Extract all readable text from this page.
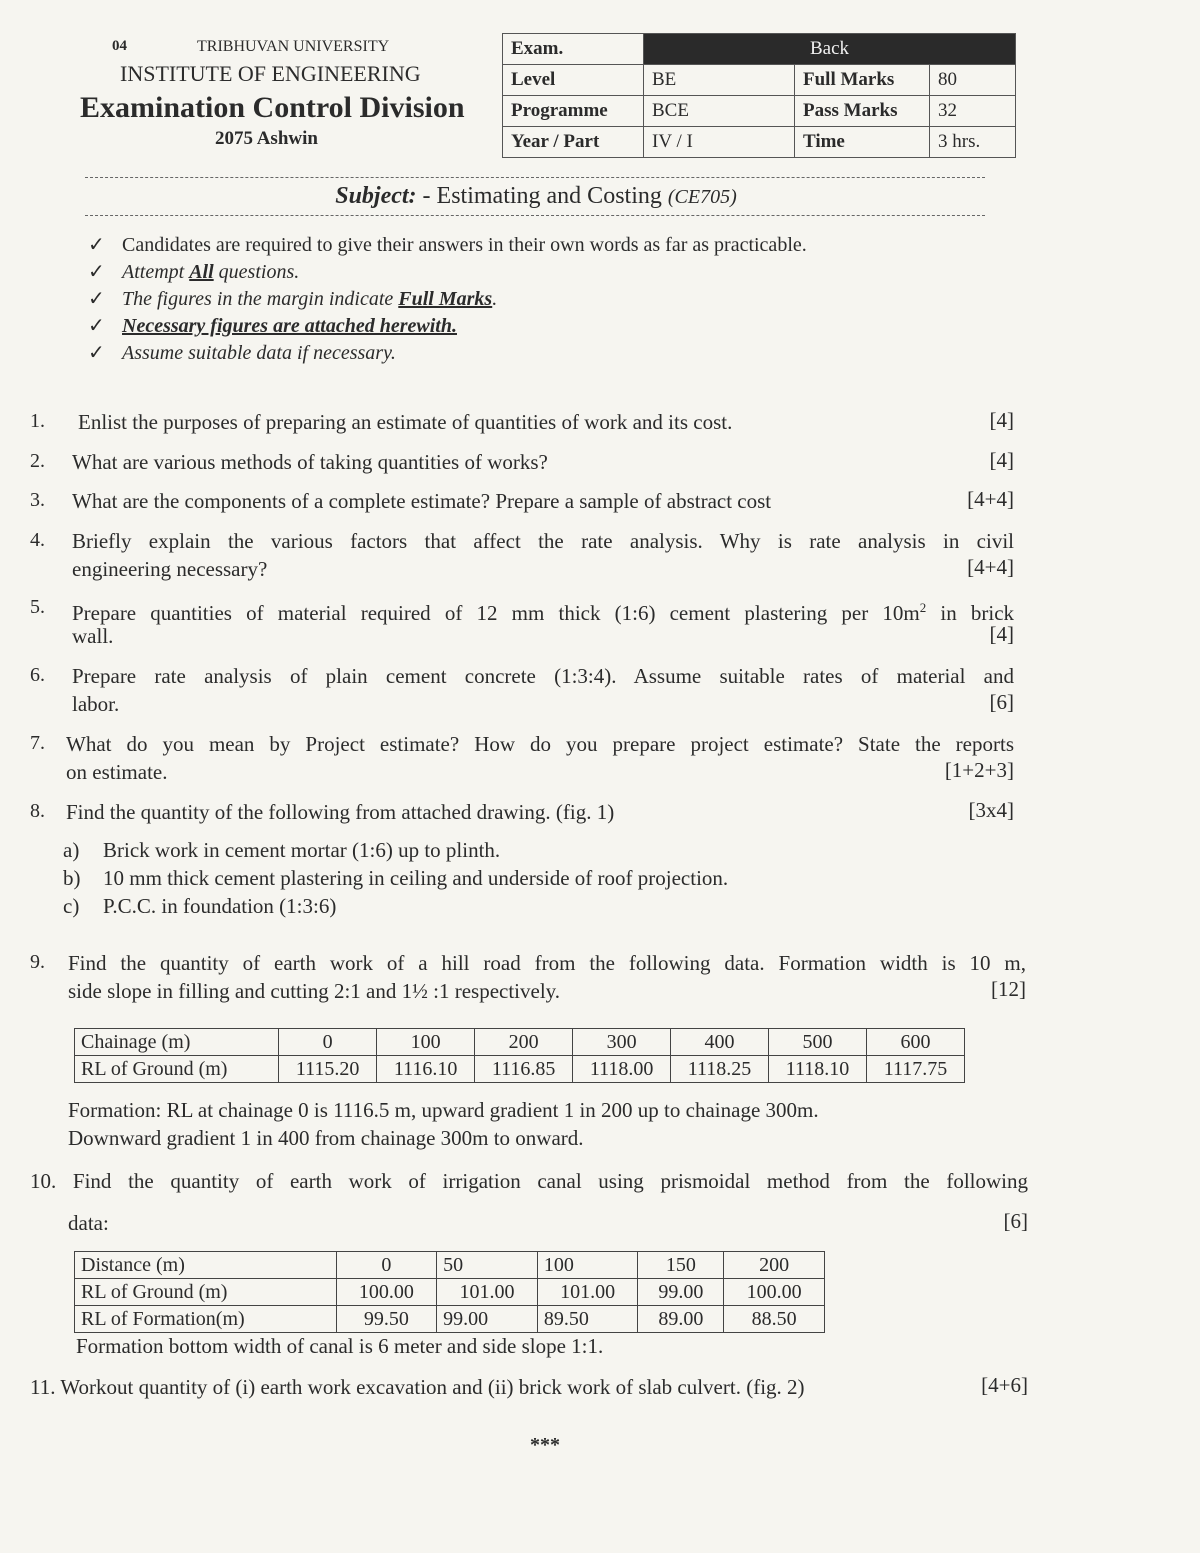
04	TRIBHUVAN UNIVERSITY
INSTITUTE OF ENGINEERING
Examination Control Division
2075 Ashwin
Exam.	Back		
Level	BE	Full Marks	80
Programme	BCE	Pass Marks	32
Year / Part	IV / I	Time	3 hrs.
Subject: - Estimating and Costing (CE705)
✓ Candidates are required to give their answers in their own words as far as practicable.
✓ Attempt All questions.
✓ The figures in the margin indicate Full Marks.
✓ Necessary figures are attached herewith.
✓ Assume suitable data if necessary.
1. Enlist the purposes of preparing an estimate of quantities of work and its cost.	[4]
2. What are various methods of taking quantities of works?	[4]
3. What are the components of a complete estimate? Prepare a sample of abstract cost	[4+4]
4. Briefly explain the various factors that affect the rate analysis. Why is rate analysis in civil
engineering necessary?	[4+4]
5. Prepare quantities of material required of 12 mm thick (1:6) cement plastering per $10m^2$ in brick
wall.	[4]
6. Prepare rate analysis of plain cement concrete (1:3:4). Assume suitable rates of material and
labor.	[6]
7. What do you mean by Project estimate? How do you prepare project estimate? State the reports
on estimate.	[1+2+3]
8. Find the quantity of the following from attached drawing. (fig. 1)	[3x4]
a) Brick work in cement mortar (1:6) up to plinth.
b) 10 mm thick cement plastering in ceiling and underside of roof projection.
c) P.C.C. in foundation (1:3:6)
9. Find the quantity of earth work of a hill road from the following data. Formation width is 10 m,
side slope in filling and cutting 2:1 and 1½ :1 respectively.	[12]
Chainage (m)	0	100	200	300	400	500	600
RL of Ground (m)	1115.20	1116.10	1116.85	1118.00	1118.25	1118.10	1117.75
Formation: RL at chainage 0 is 1116.5 m, upward gradient 1 in 200 up to chainage 300m.
Downward gradient 1 in 400 from chainage 300m to onward.
10. Find the quantity of earth work of irrigation canal using prismoidal method from the following
data:	[6]
Distance (m)	0	50	100	150	200
RL of Ground (m)	100.00	101.00	101.00	99.00	100.00
RL of Formation(m)	99.50	99.00	89.50	89.00	88.50
Formation bottom width of canal is 6 meter and side slope 1:1.
11. Workout quantity of (i) earth work excavation and (ii) brick work of slab culvert. (fig. 2)	[4+6]
***
